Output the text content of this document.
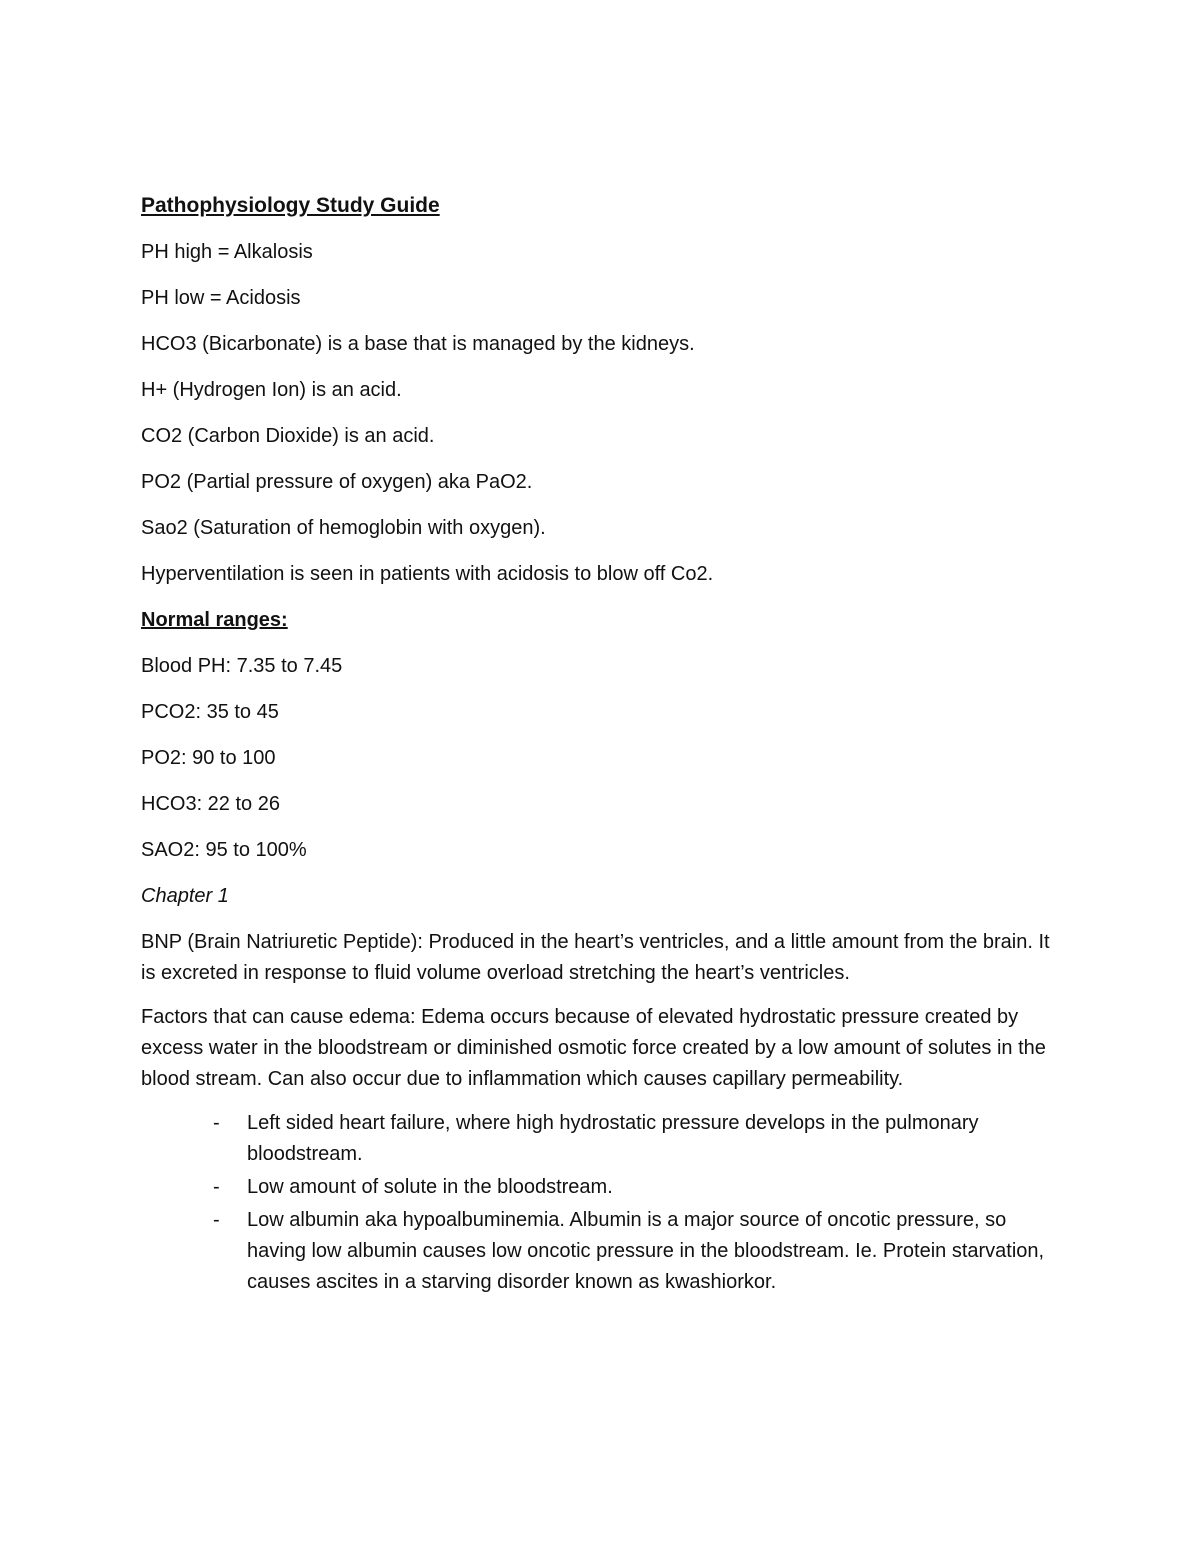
Pathophysiology Study Guide
PH high = Alkalosis
PH low = Acidosis
HCO3 (Bicarbonate) is a base that is managed by the kidneys.
H+ (Hydrogen Ion) is an acid.
CO2 (Carbon Dioxide) is an acid.
PO2 (Partial pressure of oxygen) aka PaO2.
Sao2 (Saturation of hemoglobin with oxygen).
Hyperventilation is seen in patients with acidosis to blow off Co2.
Normal ranges:
Blood PH: 7.35 to 7.45
PCO2: 35 to 45
PO2: 90 to 100
HCO3: 22 to 26
SAO2: 95 to 100%
Chapter 1
BNP (Brain Natriuretic Peptide): Produced in the heart’s ventricles, and a little amount from the brain. It is excreted in response to fluid volume overload stretching the heart’s ventricles.
Factors that can cause edema: Edema occurs because of elevated hydrostatic pressure created by excess water in the bloodstream or diminished osmotic force created by a low amount of solutes in the blood stream. Can also occur due to inflammation which causes capillary permeability.
- Left sided heart failure, where high hydrostatic pressure develops in the pulmonary bloodstream.
- Low amount of solute in the bloodstream.
- Low albumin aka hypoalbuminemia. Albumin is a major source of oncotic pressure, so having low albumin causes low oncotic pressure in the bloodstream. Ie. Protein starvation, causes ascites in a starving disorder known as kwashiorkor.
